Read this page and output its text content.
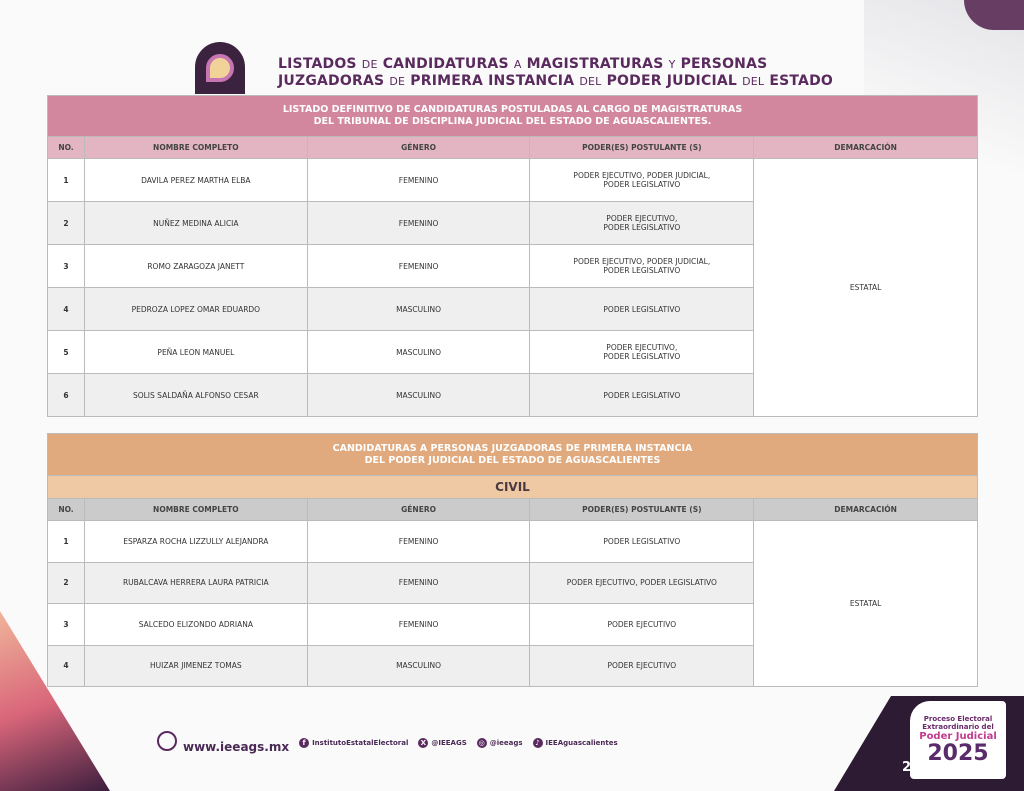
Proceso Electoral
Extraordinario del
Poder Judicial
2025
2
LISTADOS DE CANDIDATURAS A MAGISTRATURAS Y PERSONAS
JUZGADORAS DE PRIMERA INSTANCIA DEL PODER JUDICIAL DEL ESTADO
LISTADO DEFINITIVO DE CANDIDATURAS POSTULADAS AL CARGO DE MAGISTRATURAS
DEL TRIBUNAL DE DISCIPLINA JUDICIAL DEL ESTADO DE AGUASCALIENTES.				

NO.	NOMBRE COMPLETO	GÉNERO	PODER(ES) POSTULANTE (S)	DEMARCACIÓN
1	DAVILA PEREZ MARTHA ELBA	FEMENINO	PODER EJECUTIVO, PODER JUDICIAL,
PODER LEGISLATIVO	ESTATAL
2	NUÑEZ MEDINA ALICIA	FEMENINO	PODER EJECUTIVO,
PODER LEGISLATIVO	

3	ROMO ZARAGOZA JANETT	FEMENINO	PODER EJECUTIVO, PODER JUDICIAL,
PODER LEGISLATIVO	

4	PEDROZA LOPEZ OMAR EDUARDO	MASCULINO	PODER LEGISLATIVO	

5	PEÑA LEON MANUEL	MASCULINO	PODER EJECUTIVO,
PODER LEGISLATIVO	

6	SOLIS SALDAÑA ALFONSO CESAR	MASCULINO	PODER LEGISLATIVO	
CANDIDATURAS A PERSONAS JUZGADORAS DE PRIMERA INSTANCIA
DEL PODER JUDICIAL DEL ESTADO DE AGUASCALIENTES				

CIVIL				
NO.	NOMBRE COMPLETO	GÉNERO	PODER(ES) POSTULANTE (S)	DEMARCACIÓN
1	ESPARZA ROCHA LIZZULLY ALEJANDRA	FEMENINO	PODER LEGISLATIVO	ESTATAL
2	RUBALCAVA HERRERA LAURA PATRICIA	FEMENINO	PODER EJECUTIVO, PODER LEGISLATIVO	

3	SALCEDO ELIZONDO ADRIANA	FEMENINO	PODER EJECUTIVO	

4	HUIZAR JIMENEZ TOMAS	MASCULINO	PODER EJECUTIVO	
www.ieeags.mx	f InstitutoEstatalElectoral	X @IEEAGS ◎ @ieeags	♪ IEEAguascalientes
